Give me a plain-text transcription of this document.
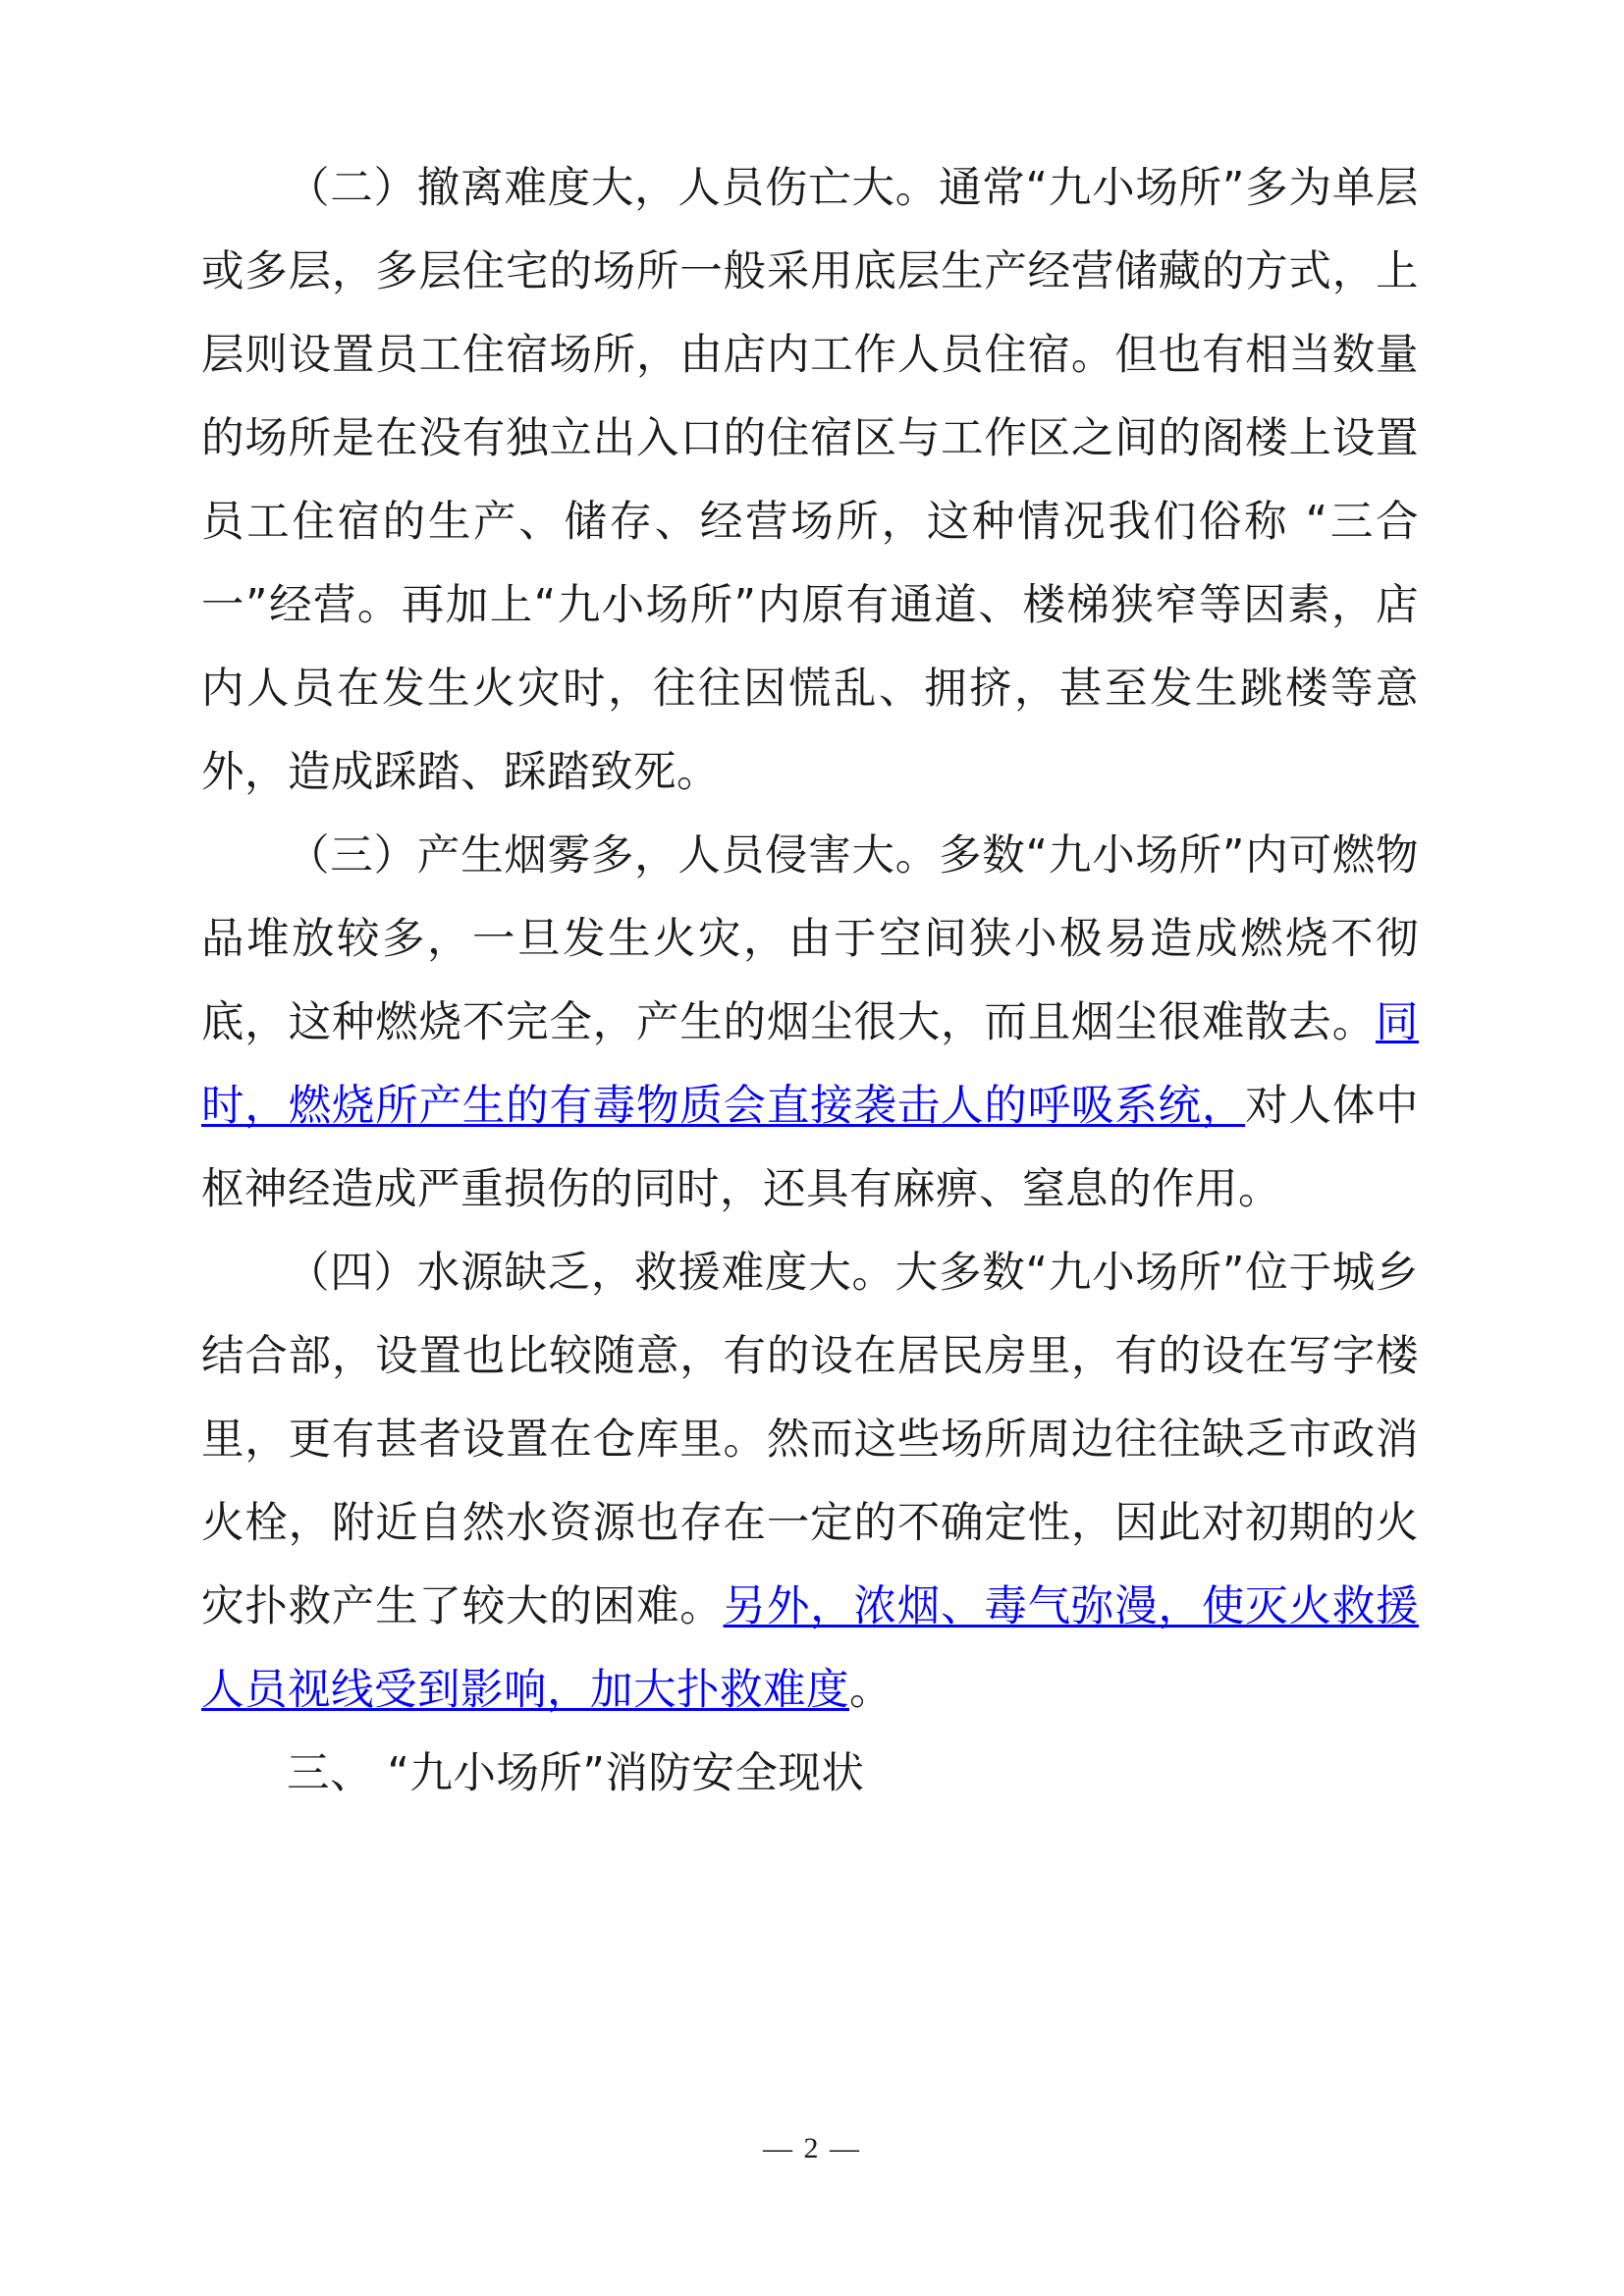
（二）撤离难度大，人员伤亡大。通常“九小场所”多为单层或多层，多层住宅的场所一般采用底层生产经营储藏的方式，上层则设置员工住宿场所，由店内工作人员住宿。但也有相当数量的场所是在没有独立出入口的住宿区与工作区之间的阁楼上设置员工住宿的生产、储存、经营场所，这种情况我们俗称 “三合一”经营。再加上“九小场所”内原有通道、楼梯狭窄等因素，店内人员在发生火灾时，往往因慌乱、拥挤，甚至发生跳楼等意外，造成踩踏、踩踏致死。

（三）产生烟雾多，人员侵害大。多数“九小场所”内可燃物品堆放较多，一旦发生火灾，由于空间狭小极易造成燃烧不彻底，这种燃烧不完全，产生的烟尘很大，而且烟尘很难散去。同时，燃烧所产生的有毒物质会直接袭击人的呼吸系统，对人体中枢神经造成严重损伤的同时，还具有麻痹、窒息的作用。

（四）水源缺乏，救援难度大。大多数“九小场所”位于城乡结合部，设置也比较随意，有的设在居民房里，有的设在写字楼里，更有甚者设置在仓库里。然而这些场所周边往往缺乏市政消火栓，附近自然水资源也存在一定的不确定性，因此对初期的火灾扑救产生了较大的困难。另外，浓烟、毒气弥漫，使灭火救援人员视线受到影响，加大扑救难度。

三、 “九小场所”消防安全现状

— 2 —
